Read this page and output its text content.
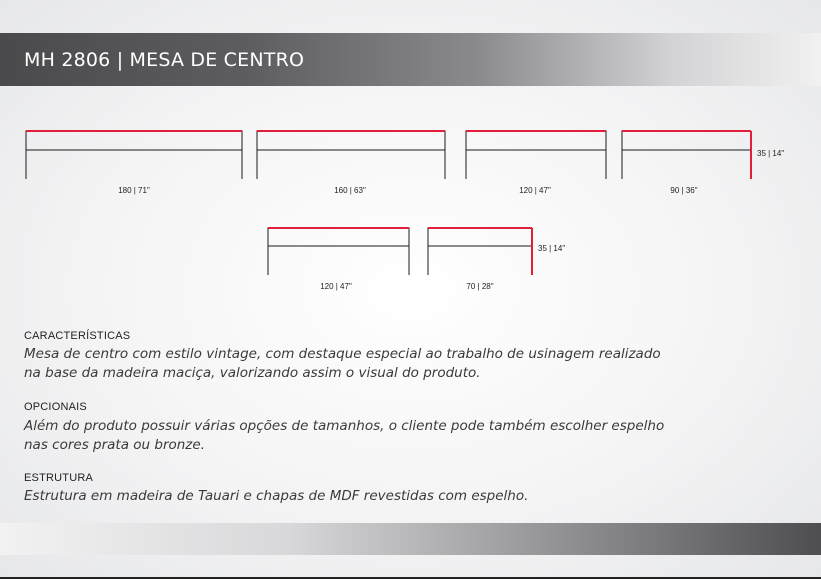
MH 2806 | MESA DE CENTRO
180 | 71"	160 | 63"	120 | 47"	90 | 36"
35 | 14"
120 | 47"	70 | 28"
35 | 14"
CARACTERÍSTICAS
Mesa de centro com estilo vintage, com destaque especial ao trabalho de usinagem realizado na base da madeira maciça, valorizando assim o visual do produto.
OPCIONAIS
Além do produto possuir várias opções de tamanhos, o cliente pode também escolher espelho nas cores prata ou bronze.
ESTRUTURA
Estrutura em madeira de Tauari e chapas de MDF revestidas com espelho.
